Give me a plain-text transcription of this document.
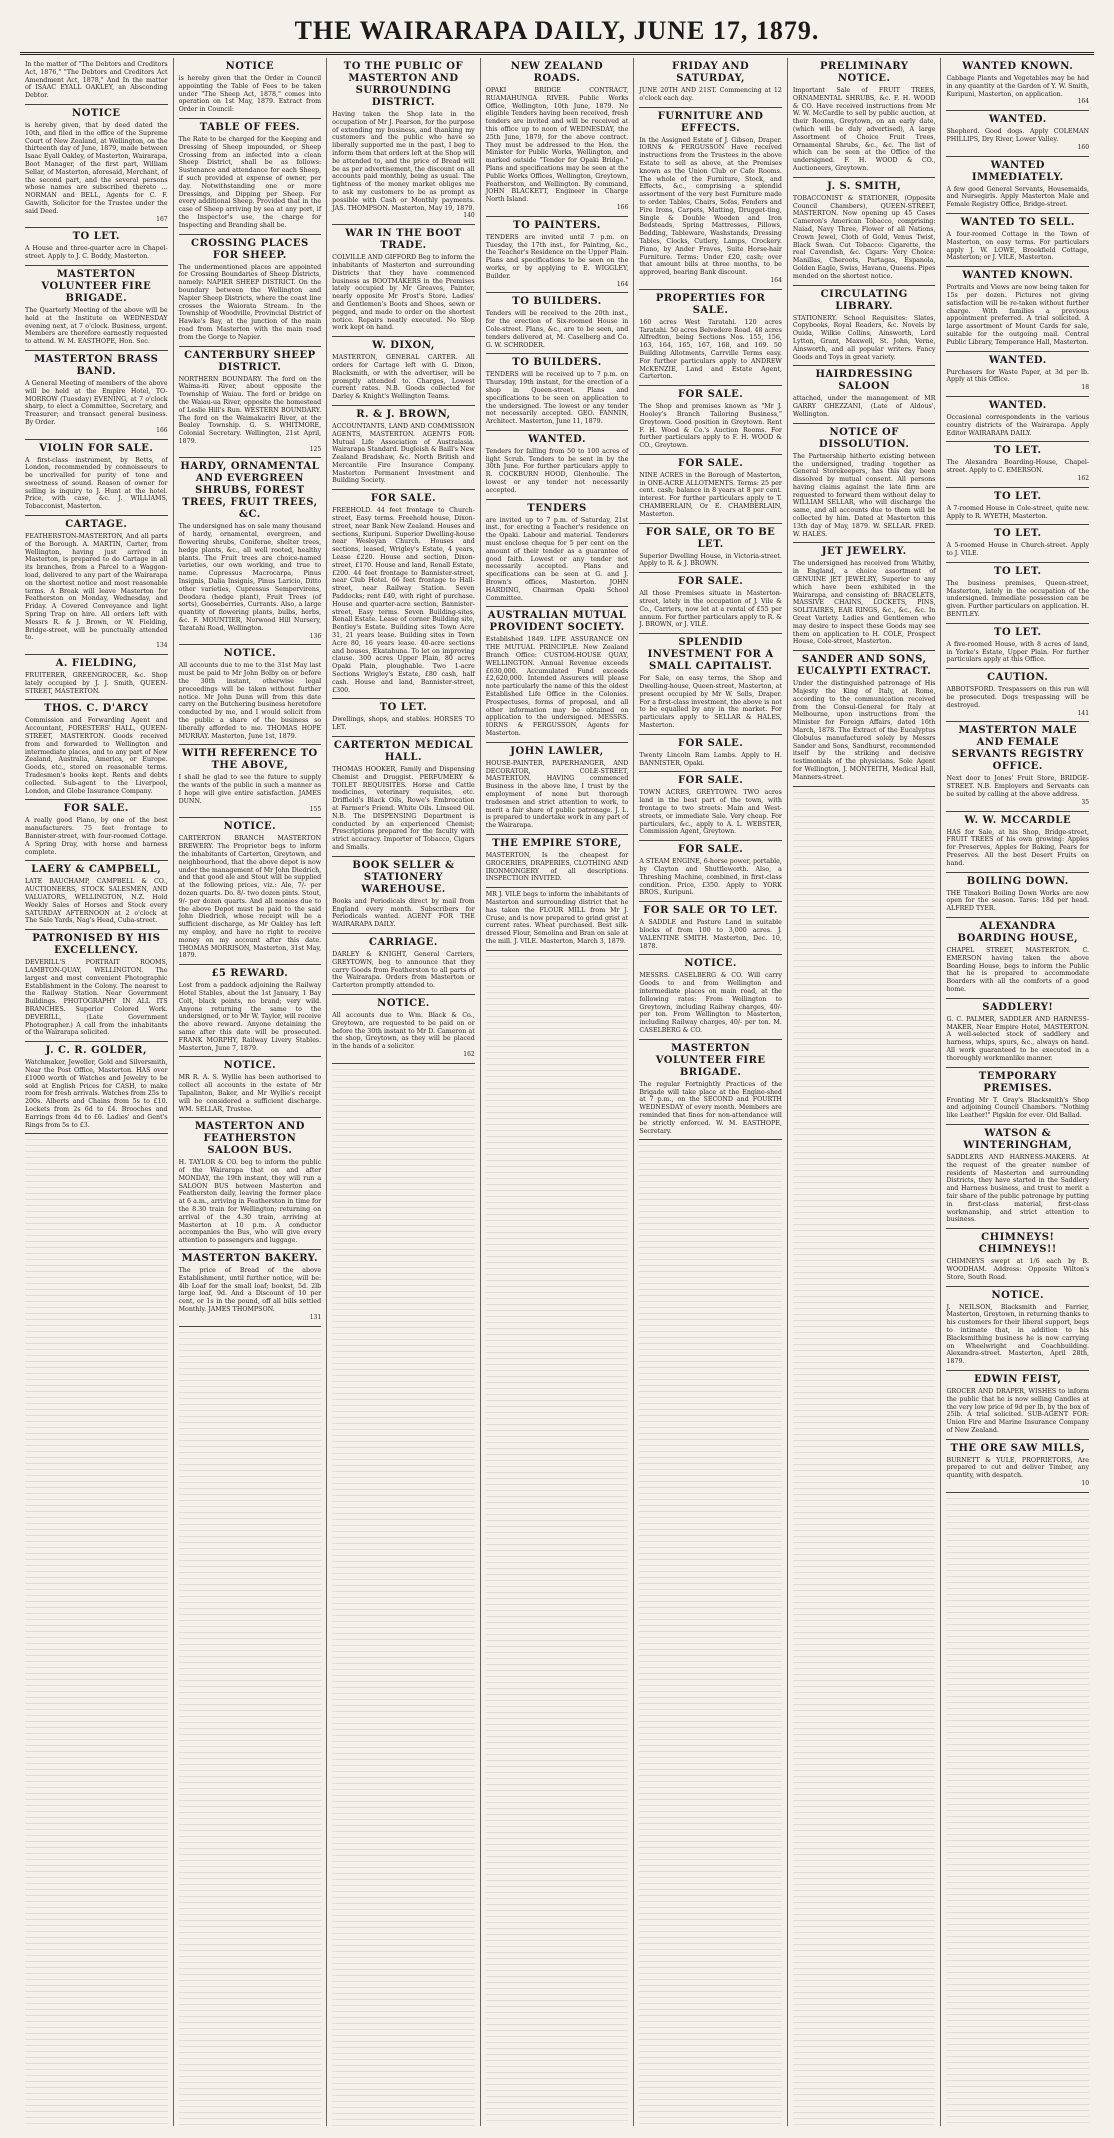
THE WAIRARAPA DAILY, JUNE 17, 1879.
In the matter of "The Debtors and Creditors Act, 1876," "The Debtors and Creditors Act Amendment Act, 1878," And In the matter of ISAAC EYALL OAKLEY, an Absconding Debtor.
NOTICE
is hereby given, that by deed dated the 10th, and filed in the office of the Supreme Court of New Zealand, at Wellington, on the thirteenth day of June, 1879, made between Isaac Eyall Oakley, of Masterton, Wairarapa, Boot Manager, of the first part, William Sellar, of Masterton, aforesaid, Merchant, of the second part, and the several persons whose names are subscribed thereto ... NORMAN and BELL, Agents for C. F. Gawith, Solicitor for the Trustee under the said Deed.
167
TO LET.
A House and three-quarter acre in Chapel-street. Apply to J. C. Boddy, Masterton.
MASTERTON VOLUNTEER FIRE BRIGADE.
The Quarterly Meeting of the above will be held at the Institute on WEDNESDAY evening next, at 7 o'clock. Business, urgent. Members are therefore earnestly requested to attend. W. M. EASTHOPE, Hon. Sec.
MASTERTON BRASS BAND.
A General Meeting of members of the above will be held at the Empire Hotel, TO-MORROW (Tuesday) EVENING, at 7 o'clock sharp, to elect a Committee, Secretary, and Treasurer; and transact general business. By Order.
166
VIOLIN FOR SALE.
A first-class instrument, by Betts, of London, recommended by connoisseurs to be uncrivalled for purity of tone and sweetness of sound. Reason of owner for selling is inquiry to J. Hunt at the hotel. Price, with case, &c. J. WILLIAMS, Tobacconist, Masterton.
CARTAGE.
FEATHERSTON-MASTERTON, And all parts of the Borough. A. MARTIN, Carter, from Wellington, having just arrived in Masterton, is prepared to do Cartage in all its branches, from a Parcel to a Waggon-load, delivered to any part of the Wairarapa on the shortest notice and most reasonable terms. A Break will leave Masterton for Featherston on Monday, Wednesday, and Friday. A Covered Conveyance and light Spring Trap on hire. All orders left with Messrs R. & J. Brown, or W. Fielding, Bridge-street, will be punctually attended to.
134
A. FIELDING,
FRUITERER, GREENGROCER, &c. Shop lately occupied by J. J. Smith, QUEEN-STREET, MASTERTON.
THOS. C. D'ARCY
Commission and Forwarding Agent and Accountant, FORESTERS' HALL, QUEEN-STREET, MASTERTON. Goods received from and forwarded to Wellington and intermediate places, and to any part of New Zealand, Australia, America, or Europe. Goods, etc., stored on reasonable terms. Tradesmen's books kept. Rents and debts collected. Sub-agent to the Liverpool, London, and Globe Insurance Company.
FOR SALE.
A really good Piano, by one of the best manufacturers. 75 feet frontage to Bannister-street, with four-roomed Cottage. A Spring Dray, with horse and harness complete.
LAERY & CAMPBELL,
LATE BAUCHAMP, CAMPBELL & CO., AUCTIONEERS, STOCK SALESMEN, AND VALUATORS, WELLINGTON, N.Z. Hold Weekly Sales of Horses and Stock every SATURDAY AFTERNOON at 2 o'clock at The Sale Yards, Nag's Head, Cuba-street.
PATRONISED BY HIS EXCELLENCY.
DEVERILL'S PORTRAIT ROOMS, LAMBTON-QUAY, WELLINGTON. The largest and most convenient Photographic Establishment in the Colony. The nearest to the Railway Station. Near Government Buildings. PHOTOGRAPHY IN ALL ITS BRANCHES. Superior Colored Work. DEVERILL, (Late Government Photographer.) A call from the inhabitants of the Wairarapa solicited.
J. C. R. GOLDER,
Watchmaker, Jeweller, Gold and Silversmith, Near the Post Office, Masterton. HAS over £1000 worth of Watches and Jewelry to be sold at English Prices for CASH, to make room for fresh arrivals. Watches from 25s to 200s. Alberts and Chains from 5s to £10. Lockets from 2s 6d to £4. Brooches and Earrings from 4d to £6. Ladies' and Gent's Rings from 5s to £3.
NOTICE
is hereby given that the Order in Council appointing the Table of Fees to be taken under "The Sheep Act, 1878," comes into operation on 1st May, 1879. Extract from Order in Council:
TABLE OF FEES.
The Rate to be charged for the Keeping and Dressing of Sheep impounded, or Sheep Crossing from an infected into a clean Sheep District, shall be as follows: Sustenance and attendance for each Sheep, if such provided at expense of owner, per day. Notwithstanding one or more Dressings, and Dipping per Sheep. For every additional Sheep. Provided that in the case of Sheep arriving by sea at any port, if the Inspector's use, the charge for Inspecting and Branding shall be.
CROSSING PLACES FOR SHEEP.
The undermentioned places are appointed for Crossing Boundaries of Sheep Districts, namely: NAPIER SHEEP DISTRICT. On the boundary between the Wellington and Napier Sheep Districts, where the coast line crosses the Waiorata Stream. In the Township of Woodville, Provincial District of Hawke's Bay, at the junction of the main road from Masterton with the main road from the Gorge to Napier.
CANTERBURY SHEEP DISTRICT.
NORTHERN BOUNDARY. The ford on the Waima-iti River, about opposite the Township of Waiau. The ford or bridge on the Waiau-ua River, opposite the homestead of Leslie Hill's Run. WESTERN BOUNDARY. The ford on the Waimakariri River, at the Bealey Township. G. S. WHITMORE, Colonial Secretary. Wellington, 21st April, 1879.
125
HARDY, ORNAMENTAL AND EVERGREEN SHRUBS, FOREST TREES, FRUIT TREES, &C.
The undersigned has on sale many thousand of hardy, ornamental, evergreen, and flowering shrubs, Coniferae, shelter trees, hedge plants, &c., all well rooted, healthy plants. The Fruit trees are choice-named varieties, our own working, and true to name. Cupressus Macrocarpa, Pinus Insignis, Dalia Insignis, Pinus Laricio, Ditto other varieties, Cupressus Sempervirens, Deodara (hedge plant), Fruit Trees (of sorts), Gooseberries, Currants. Also, a large quantity of flowering plants, bulbs, herbs, &c. F. MOUNTIER, Norwood Hill Nursery, Taratahi Road, Wellington.
136
NOTICE.
All accounts due to me to the 31st May last must be paid to Mr John Bolby on or before the 30th instant, otherwise legal proceedings will be taken without further notice. Mr John Dunn will from this date carry on the Butchering business heretofore conducted by me, and I would solicit from the public a share of the business so liberally afforded to me. THOMAS HOPE MURRAY. Masterton, June 1st, 1879.
WITH REFERENCE TO THE ABOVE,
I shall be glad to see the future to supply the wants of the public in such a manner as I hope will give entire satisfaction. JAMES DUNN.
155
NOTICE.
CARTERTON BRANCH MASTERTON BREWERY. The Proprietor begs to inform the inhabitants of Carterton, Greytown, and neighbourhood, that the above depot is now under the management of Mr John Diedrich, and that good ale and Stout will be supplied at the following prices, viz.: Ale, 7/- per dozen quarts. Do. 8/- two dozen pints. Stout, 9/- per dozen quarts. And all monies due to the above Depot must be paid to the said John Diedrich, whose receipt will be a sufficient discharge, as Mr Oakley has left my employ, and have no right to receive money on my account after this date. THOMAS MORRISON, Masterton, 31st May, 1879.
£5 REWARD.
Lost from a paddock adjoining the Railway Hotel Stables, about the 1st January, 1 Bay Colt, black points, no brand; very wild. Anyone returning the same to the undersigned, or to Mr W. Taylor, will receive the above reward. Anyone detaining the same after this date will be prosecuted. FRANK MORPHY, Railway Livery Stables. Masterton, June 7, 1879.
NOTICE.
MR R. A. S. Wyllie has been authorised to collect all accounts in the estate of Mr Tapalinton, Baker, and Mr Wyllie's receipt will be considered a sufficient discharge. WM. SELLAR, Trustee.
MASTERTON AND FEATHERSTON SALOON BUS.
H. TAYLOR & CO. beg to inform the public of the Wairarapa that on and after MONDAY, the 19th instant, they will run a SALOON BUS between Masterton and Featherston daily, leaving the former place at 6 a.m., arriving in Featherston in time for the 8.30 train for Wellington; returning on arrival of the 4.30 train, arriving at Masterton at 10 p.m. A conductor accompanies the Bus, who will give every attention to passengers and luggage.
MASTERTON BAKERY.
The price of Bread of the above Establishment, until further notice, will be: 4lb Loaf for the small loaf; bookst, 5d. 2lb large loaf, 9d. And a Discount of 10 per cent, or 1s in the pound, off all bills settled Monthly. JAMES THOMPSON.
131
TO THE PUBLIC OF MASTERTON AND SURROUNDING DISTRICT.
Having taken the Shop late in the occupation of Mr J. Pearson, for the purpose of extending my business, and thanking my customers and the public who have so liberally supported me in the past, I beg to inform them that orders left at the Shop will be attended to, and the price of Bread will be as per advertisement, the discount on all accounts paid monthly, being as usual. The tightness of the money market obliges me to ask my customers to be as prompt as possible with Cash or Monthly payments. JAS. THOMPSON. Masterton, May 19, 1879.
140
WAR IN THE BOOT TRADE.
COLVILLE AND GIFFORD Beg to inform the inhabitants of Masterton and surrounding Districts that they have commenced business as BOOTMAKERS in the Premises lately occupied by Mr Greaves, Painter, nearly opposite Mr Frost's Store. Ladies' and Gentlemen's Boots and Shoes, sewn or pegged, and made to order on the shortest notice. Repairs neatly executed. No Slop work kept on hand.
W. DIXON,
MASTERTON, GENERAL CARTER. All orders for Cartage left with G. Dixon, Blacksmith, or with the advertiser, will be promptly attended to. Charges, Lowest current rates. N.B. Goods collected for Darley & Knight's Wellington Teams.
R. & J. BROWN,
ACCOUNTANTS, LAND AND COMMISSION AGENTS, MASTERTON. AGENTS FOR: Mutual Life Association of Australasia. Wairarapa Standard. Dugleish & Baill's New Zealand Bradshaw, &c. North British and Mercantile Fire Insurance Company. Masterton Permanent Investment and Building Society.
FOR SALE.
FREEHOLD. 44 feet frontage to Church-street, Easy terms. Freehold house, Dixon-street, near Bank New Zealand. Houses and sections, Kuripuni. Superior Dwelling-house near Wesleyan Church. Houses and sections, leased, Wrigley's Estate, 4 years, Lease £220. House and section, Dixon-street, £170. House and land, Renall Estate, £200. 44 feet frontage to Bannister-street, near Club Hotel. 66 feet frontage to Hall-street, near Railway Station. Seven Paddocks; rent £40, with right of purchase. House and quarter-acre section, Bannister-street, Easy terms. Seven Building-sites, Renall Estate. Lease of corner Building site, Bentley's Estate. Building sites Town Acre 31, 21 years lease. Building sites in Town Acre 80, 16 years lease. 40-acre sections and houses, Ekatahuna. To let on improving clause. 300 acres Upper Plain, 80 acres Opaki Plain, ploughable. Two 1-acre Sections Wrigley's Estate, £80 cash, half cash. House and land, Bannister-street, £300.
TO LET.
Dwellings, shops, and stables. HORSES TO LET.
CARTERTON MEDICAL HALL.
THOMAS HOOKER, Family and Dispensing Chemist and Druggist. PERFUMERY & TOILET REQUISITES. Horse and Cattle medicines, veterinary requisites, etc. Driffield's Black Oils, Rowe's Embrocation at Farmer's Friend. White Oils. Linseed Oil. N.B. The DISPENSING Department is conducted by an experienced Chemist; Prescriptions prepared for the faculty with strict accuracy. Importer of Tobacco, Cigars and Smalls.
BOOK SELLER & STATIONERY WAREHOUSE.
Books and Periodicals direct by mail from England every month. Subscribers for Periodicals wanted. AGENT FOR THE WAIRARAPA DAILY.
CARRIAGE.
DARLEY & KNIGHT, General Carriers, GREYTOWN, beg to announce that they carry Goods from Featherston to all parts of the Wairarapa. Orders from Masterton or Carterton promptly attended to.
NOTICE.
All accounts due to Wm. Black & Co., Greytown, are requested to be paid on or before the 30th instant to Mr D. Cameron at the shop, Greytown, as they will be placed in the hands of a solicitor.
162
NEW ZEALAND ROADS.
OPAKI BRIDGE CONTRACT, RUAMAHUNGA RIVER. Public Works Office, Wellington, 10th June, 1879. No eligible Tenders having been received, fresh tenders are invited and will be received at this office up to noon of WEDNESDAY, the 25th June, 1879, for the above contract. They must be addressed to the Hon. the Minister for Public Works, Wellington, and marked outside "Tender for Opaki Bridge." Plans and specifications may be seen at the Public Works Offices, Wellington, Greytown, Featherston, and Wellington. By command, JOHN BLACKETT, Engineer in Charge North Island.
166
TO PAINTERS.
TENDERS are invited until 7 p.m. on Tuesday, the 17th inst., for Painting, &c., the Teacher's Residence on the Upper Plain. Plans and specifications to be seen on the works, or by applying to E. WIGGLEY, Builder.
164
TO BUILDERS.
Tenders will be received to the 20th inst., for the erection of Six-roomed House in Cole-street. Plans, &c., are to be seen, and tenders delivered at, M. Caselberg and Co. G. W. SCHRODER.
TO BUILDERS.
TENDERS will be received up to 7 p.m. on Thursday, 19th instant, for the erection of a shop in Queen-street. Plans and specifications to be seen on application to the undersigned. The lowest or any tender not necessarily accepted. GEO. FANNIN, Architect. Masterton, June 11, 1879.
WANTED.
Tenders for falling from 50 to 100 acres of light Scrub. Tenders to be sent in by the 30th June. For further particulars apply to R. COCKBURN HOOD, Glenhoulie. The lowest or any tender not necessarily accepted.
TENDERS
are invited up to 7 p.m. of Saturday, 21st inst., for erecting a Teacher's residence on the Opaki. Labour and material. Tenderers must enclose cheque for 5 per cent on the amount of their tender as a guarantee of good faith. Lowest or any tender not necessarily accepted. Plans and specifications can be seen at G. and J. Brown's offices, Masterton. JOHN HARDING, Chairman Opaki School Committee.
AUSTRALIAN MUTUAL PROVIDENT SOCIETY.
Established 1849. LIFE ASSURANCE ON THE MUTUAL PRINCIPLE. New Zealand Branch Office: CUSTOM-HOUSE QUAY, WELLINGTON. Annual Revenue exceeds £630,000. Accumulated Fund exceeds £2,620,000. Intended Assurers will please note particularly the name of this the oldest Established Life Office in the Colonies. Prospectuses, forms of proposal, and all other information may be obtained on application to the undersigned. MESSRS. IORNS & FERGUSSON, Agents for Masterton.
JOHN LAWLER,
HOUSE-PAINTER, PAPERHANGER, AND DECORATOR, COLE-STREET, MASTERTON. HAVING commenced Business in the above line, I trust by the employment of none but thorough tradesmen and strict attention to work, to merit a fair share of public patronage. J. L. is prepared to undertake work in any part of the Wairarapa.
THE EMPIRE STORE,
MASTERTON, Is the cheapest for GROCERIES, DRAPERIES, CLOTHING AND IRONMONGERY of all descriptions. INSPECTION INVITED.
MR J. VILE begs to inform the inhabitants of Masterton and surrounding district that he has taken the FLOUR MILL from Mr J. Cruse, and is now prepared to grind grist at current rates. Wheat purchased. Best silk-dressed Flour, Semolina and Bran on sale at the mill. J. VILE. Masterton, March 3, 1879.
FRIDAY AND SATURDAY,
JUNE 20TH AND 21ST. Commencing at 12 o'clock each day.
FURNITURE AND EFFECTS.
In the Assigned Estate of J. Gibson, Draper. IORNS & FERGUSSON Have received instructions from the Trustees in the above Estate to sell as above, at the Premises known as the Union Club or Cafe Rooms. The whole of the Furniture, Stock, and Effects, &c., comprising a splendid assortment of the very best Furniture made to order. Tables, Chairs, Sofas, Fenders and Fire Irons, Carpets, Matting, Drugget-ting, Single & Double Wooden and Iron Bedsteads, Spring Mattresses, Pillows, Bedding, Tableware, Washstands, Dressing Tables, Clocks, Cutlery, Lamps, Crockery. Piano, by Ander Fraves, Suite Horse-hair Furniture. Terms: Under £20, cash; over that amount bills at three months, to be approved, bearing Bank discount.
164
PROPERTIES FOR SALE.
160 acres West Taratahi. 120 acres Taratahi. 50 acres Belvedere Road. 48 acres Alfredton, being Sections Nos. 155, 156, 163, 164, 165, 167, 168, and 169. 50 Building Allotments, Carrville Terms easy. For further particulars apply to ANDREW McKENZIE, Land and Estate Agent, Carterton.
FOR SALE.
The Shop and premises known as "Mr J. Hooley's Branch Tailoring Business," Greytown. Good position in Greytown. Rent F. H. Wood & Co.'s Auction Rooms. For further particulars apply to F. H. WOOD & CO., Greytown.
FOR SALE.
NINE ACRES in the Borough of Masterton, in ONE-ACRE ALLOTMENTS. Terms: 25 per cent. cash; balance in 8 years at 8 per cent. interest. For further particulars apply to T. CHAMBERLAIN, Or E. CHAMBERLAIN, Masterton.
FOR SALE, OR TO BE LET.
Superior Dwelling House, in Victoria-street. Apply to R. & J. BROWN.
FOR SALE.
All those Premises situate in Masterton-street, lately in the occupation of J. Vile & Co., Carriers, now let at a rental of £55 per annum. For further particulars apply to R. & J. BROWN, or J. VILE.
SPLENDID INVESTMENT FOR A SMALL CAPITALIST.
For Sale, on easy terms, the Shop and Dwelling-house, Queen-street, Masterton, at present occupied by Mr W. Sells, Draper. For a first-class investment, the above is not to be equalled by any in the market. For particulars apply to SELLAR & HALES, Masterton.
FOR SALE.
Twenty Lincoln Ram Lambs. Apply to H. BANNISTER, Opaki.
FOR SALE.
TOWN ACRES, GREYTOWN. TWO acres land in the best part of the town, with frontage to two streets: Main and West-streets, or immediate Sale. Very cheap. For particulars, &c., apply to A. L. WEBSTER, Commission Agent, Greytown.
FOR SALE.
A STEAM ENGINE, 6-horse power, portable, by Clayton and Shuttleworth. Also, a Threshing Machine, combined, in first-class condition. Price, £350. Apply to YORK BROS., Kuripuni.
FOR SALE OR TO LET.
A SADDLE and Pasture Land in suitable blocks of from 100 to 3,000 acres. J. VALENTINE SMITH. Masterton, Dec. 10, 1878.
NOTICE.
MESSRS. CASELBERG & CO. Will carry Goods to and from Wellington and intermediate places on main road, at the following rates: From Wellington to Greytown, including Railway charges, 40/- per ton. From Wellington to Masterton, including Railway charges, 40/- per ton. M. CASELBERG & CO.
MASTERTON VOLUNTEER FIRE BRIGADE.
The regular Fortnightly Practices of the Brigade will take place at the Engine-shed at 7 p.m., on the SECOND and FOURTH WEDNESDAY of every month. Members are reminded that fines for non-attendance will be strictly enforced. W. M. EASTHOPE, Secretary.
PRELIMINARY NOTICE.
Important Sale of FRUIT TREES, ORNAMENTAL SHRUBS, &c. F. H. WOOD & CO. Have received instructions from Mr W. W. McCardle to sell by public auction, at their Rooms, Greytown, on an early date, (which will be duly advertised), A large Assortment of Choice Fruit Trees, Ornamental Shrubs, &c., &c. The list of which can be seen at the Office of the undersigned. F. H. WOOD & CO., Auctioneers, Greytown.
J. S. SMITH,
TOBACCONIST & STATIONER, (Opposite Council Chambers), QUEEN-STREET, MASTERTON. Now opening up 45 Cases Cameron's American Tobacco, comprising: Naiad, Navy Three, Flower of all Nations, Crown Jewel, Cloth of Gold, Venus Twist, Black Swan. Cut Tobacco: Cigarette, the real Cavendish, &c. Cigars: Very Choice: Manillas, Cheroots, Partagas, Espanola, Golden Eagle, Swiss, Havana, Queens. Pipes mended on the shortest notice.
CIRCULATING LIBRARY.
STATIONERY. School Requisites: Slates, Copybooks, Royal Readers, &c. Novels by Ouida, Wilkie Collins, Ainsworth, Lord Lytton, Grant, Maxwell, St. John, Verne, Ainsworth, and all popular writers. Fancy Goods and Toys in great variety.
HAIRDRESSING SALOON
attached, under the management of MR GARRY GHEZZANI, (Late of Aldous', Wellington.
NOTICE OF DISSOLUTION.
The Partnership hitherto existing between the undersigned, trading together as General Storekeepers, has this day been dissolved by mutual consent. All persons having claims against the late firm are requested to forward them without delay to WILLIAM SELLAR, who will discharge the same, and all accounts due to them will be collected by him. Dated at Masterton this 13th day of May, 1879. W. SELLAR. FRED. W. HALES.
JET JEWELRY.
The undersigned has received from Whitby, in England, a choice assortment of GENUINE JET JEWELRY, Superior to any which have been exhibited in the Wairarapa, and consisting of: BRACELETS, MASSIVE CHAINS, LOCKETS, PINS, SOLITAIRES, EAR RINGS, &c., &c., &c. In Great Variety. Ladies and Gentlemen who may desire to inspect these Goods may see them on application to H. COLE, Prospect House, Cole-street, Masterton.
SANDER AND SONS, EUCALYPTI EXTRACT.
Under the distinguished patronage of His Majesty the King of Italy, at Rome, according to the communication received from the Consul-General for Italy at Melbourne, upon instructions from the Minister for Foreign Affairs, dated 16th March, 1878. The Extract of the Eucalyptus Globulus manufactured solely by Messrs Sander and Sons, Sandhurst, recommended itself by the striking and decisive testimonials of the physicians. Sole Agent for Wellington, J. MONTEITH, Medical Hall, Manners-street.
WANTED KNOWN.
Cabbage Plants and Vegetables may be had in any quantity at the Garden of Y. W. Smith, Kuripuni, Masterton, on application.
164
WANTED.
Shepherd. Good dogs. Apply COLEMAN PHILLIPS, Dry River, Lower Valley.
160
WANTED IMMEDIATELY.
A few good General Servants, Housemaids, and Nursegirls. Apply Masterton Male and Female Registry Office, Bridge-street.
WANTED TO SELL.
A four-roomed Cottage in the Town of Masterton, on easy terms. For particulars apply J. W. LOWE, Brookfield Cottage, Masterton; or J. VILE, Masterton.
WANTED KNOWN.
Portraits and Views are now being taken for 15s per dozen. Pictures not giving satisfaction will be re-taken without further charge. With families a previous appointment preferred. A trial solicited. A large assortment of Mount Cards for sale, suitable for the outgoing mail. Central Public Library, Temperance Hall, Masterton.
WANTED.
Purchasers for Waste Paper, at 3d per lb. Apply at this Office.
18
WANTED.
Occasional correspondents in the various country districts of the Wairarapa. Apply Editor WAIRARAPA DAILY.
TO LET.
The Alexandra Boarding-House, Chapel-street. Apply to C. EMERSON.
162
TO LET.
A 7-roomed House in Cole-street, quite new. Apply to R. WYETH, Masterton.
TO LET.
A 5-roomed House in Church-street. Apply to J. VILE.
TO LET.
The business premises, Queen-street, Masterton, lately in the occupation of the undersigned. Immediate possession can be given. Further particulars on application. H. BENTLEY.
TO LET.
A five-roomed House, with 8 acres of land, in Yorke's Estate, Upper Plain. For further particulars apply at this Office.
CAUTION.
ABBOTSFORD. Trespassers on this run will be prosecuted. Dogs trespassing will be destroyed.
141
MASTERTON MALE AND FEMALE SERVANTS REGISTRY OFFICE.
Next door to Jones' Fruit Store, BRIDGE-STREET. N.B. Employers and Servants can be suited by calling at the above address.
35
W. W. MCCARDLE
HAS for Sale, at his Shop, Bridge-street, FRUIT TREES of his own growing: Apples for Preserves, Apples for Baking, Pears for Preserves. All the best Desert Fruits on hand.
BOILING DOWN.
THE Tinakori Boiling Down Works are now open for the season. Tares: 18d per head. ALFRED TYER.
ALEXANDRA BOARDING HOUSE,
CHAPEL STREET, MASTERTON. C. EMERSON having taken the above Boarding House, begs to inform the Public that he is prepared to accommodate Boarders with all the comforts of a good home.
SADDLERY!
G. C. PALMER, SADDLER AND HARNESS-MAKER, Near Empire Hotel, MASTERTON. A well-selected stock of saddlery and harness, whips, spurs, &c., always on hand. All work guaranteed to be executed in a thoroughly workmanlike manner.
TEMPORARY PREMISES.
Fronting Mr T. Gray's Blacksmith's Shop and adjoining Council Chambers. "Nothing like Leather!" Pigskin for ever. Old Ballad.
WATSON & WINTERINGHAM,
SADDLERS AND HARNESS-MAKERS. At the request of the greater number of residents of Masterton and surrounding Districts, they have started in the Saddlery and Harness business, and trust to merit a fair share of the public patronage by putting in first-class material, first-class workmanship, and strict attention to business.
CHIMNEYS! CHIMNEYS!!
CHIMNEYS swept at 1/6 each by B. WOODHAM. Address: Opposite Wilton's Store, South Road.
NOTICE.
J. NEILSON, Blacksmith and Farrier, Masterton, Greytown, in returning thanks to his customers for their liberal support, begs to intimate that, in addition to his Blacksmithing business he is now carrying on Wheelwright and Coachbuilding. Alexandra-street. Masterton, April 28th, 1879.
EDWIN FEIST,
GROCER AND DRAPER, WISHES to inform the public that he is now selling Candles at the very low price of 9d per lb, by the box of 25lb. A trial solicited. SUB-AGENT FOR: Union Fire and Marine Insurance Company of New Zealand.
THE ORE SAW MILLS,
BURNETT & YULE, PROPRIETORS, Are prepared to cut and deliver Timber, any quantity, with despatch.
10
